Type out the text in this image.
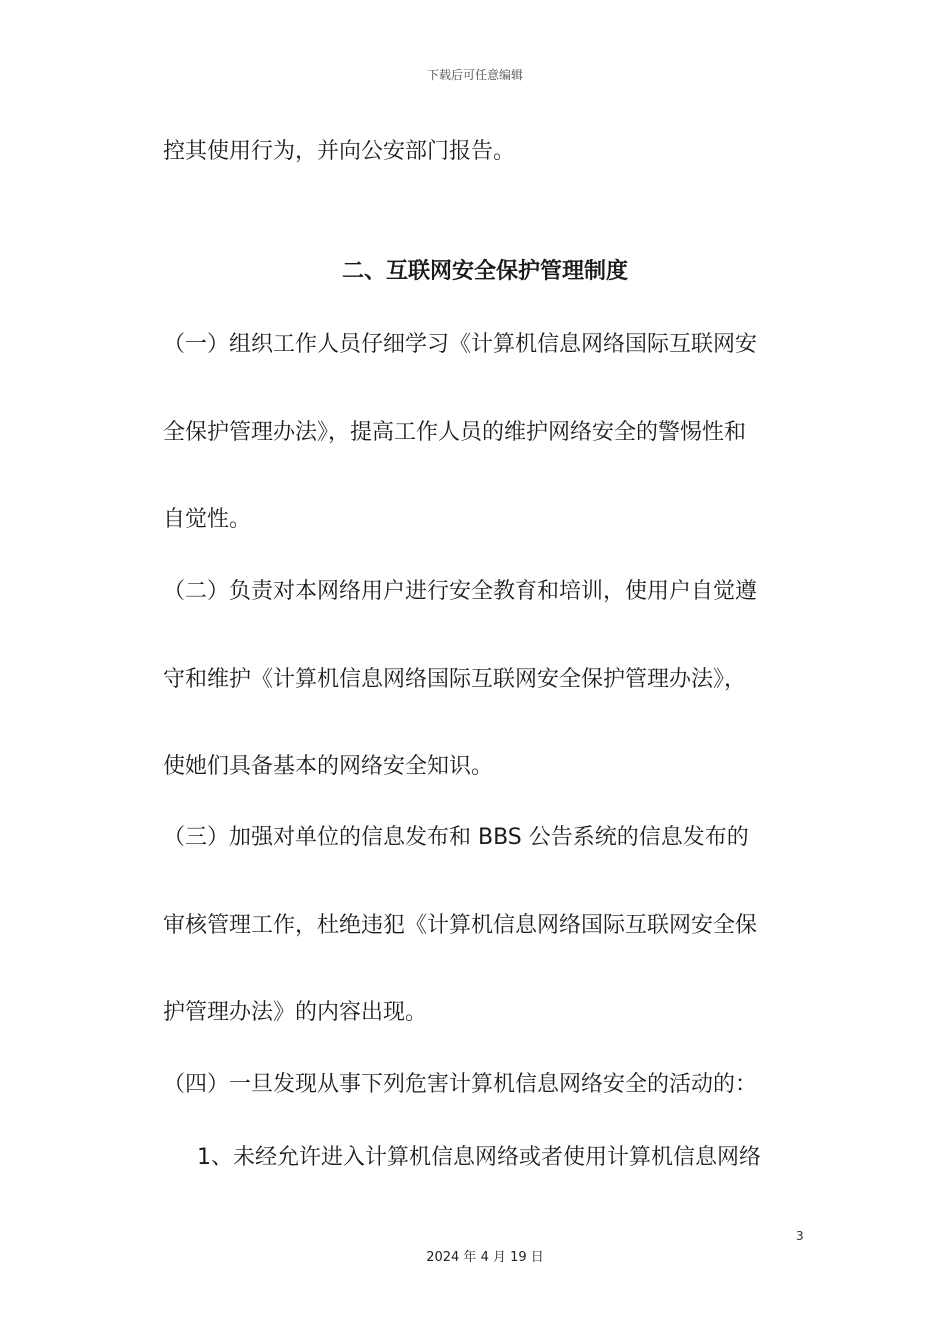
下载后可任意编辑
控其使用行为，并向公安部门报告。
二、互联网安全保护管理制度
（一）组织工作人员仔细学习《计算机信息网络国际互联网安
全保护管理办法》，提高工作人员的维护网络安全的警惕性和
自觉性。
（二）负责对本网络用户进行安全教育和培训，使用户自觉遵
守和维护《计算机信息网络国际互联网安全保护管理办法》，
使她们具备基本的网络安全知识。
（三）加强对单位的信息发布和 BBS 公告系统的信息发布的
审核管理工作，杜绝违犯《计算机信息网络国际互联网安全保
护管理办法》的内容出现。
（四）一旦发现从事下列危害计算机信息网络安全的活动的：
1、未经允许进入计算机信息网络或者使用计算机信息网络
3
2024 年 4 月 19 日
